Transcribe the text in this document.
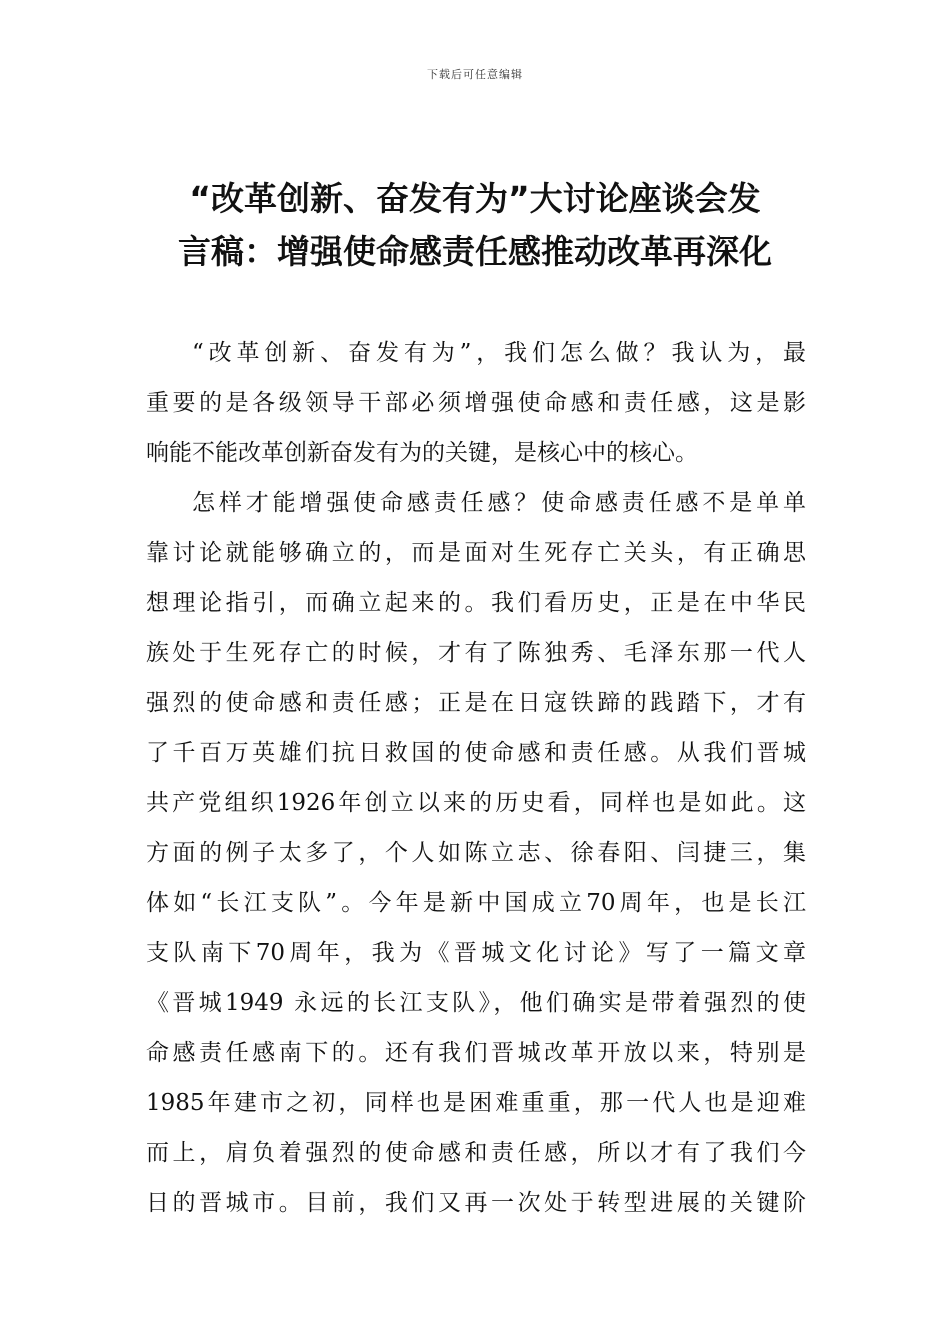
下载后可任意编辑
“改革创新、奋发有为”大讨论座谈会发
言稿：增强使命感责任感推动改革再深化
“改革创新、奋发有为”，我们怎么做？我认为，最
重要的是各级领导干部必须增强使命感和责任感，这是影
响能不能改革创新奋发有为的关键，是核心中的核心。
怎样才能增强使命感责任感？使命感责任感不是单单
靠讨论就能够确立的，而是面对生死存亡关头，有正确思
想理论指引，而确立起来的。我们看历史，正是在中华民
族处于生死存亡的时候，才有了陈独秀、毛泽东那一代人
强烈的使命感和责任感；正是在日寇铁蹄的践踏下，才有
了千百万英雄们抗日救国的使命感和责任感。从我们晋城
共产党组织1926年创立以来的历史看，同样也是如此。这
方面的例子太多了，个人如陈立志、徐春阳、闫捷三，集
体如“长江支队”。今年是新中国成立70周年，也是长江
支队南下70周年，我为《晋城文化讨论》写了一篇文章
《晋城1949 永远的长江支队》，他们确实是带着强烈的使
命感责任感南下的。还有我们晋城改革开放以来，特别是
1985年建市之初，同样也是困难重重，那一代人也是迎难
而上，肩负着强烈的使命感和责任感，所以才有了我们今
日的晋城市。目前，我们又再一次处于转型进展的关键阶
